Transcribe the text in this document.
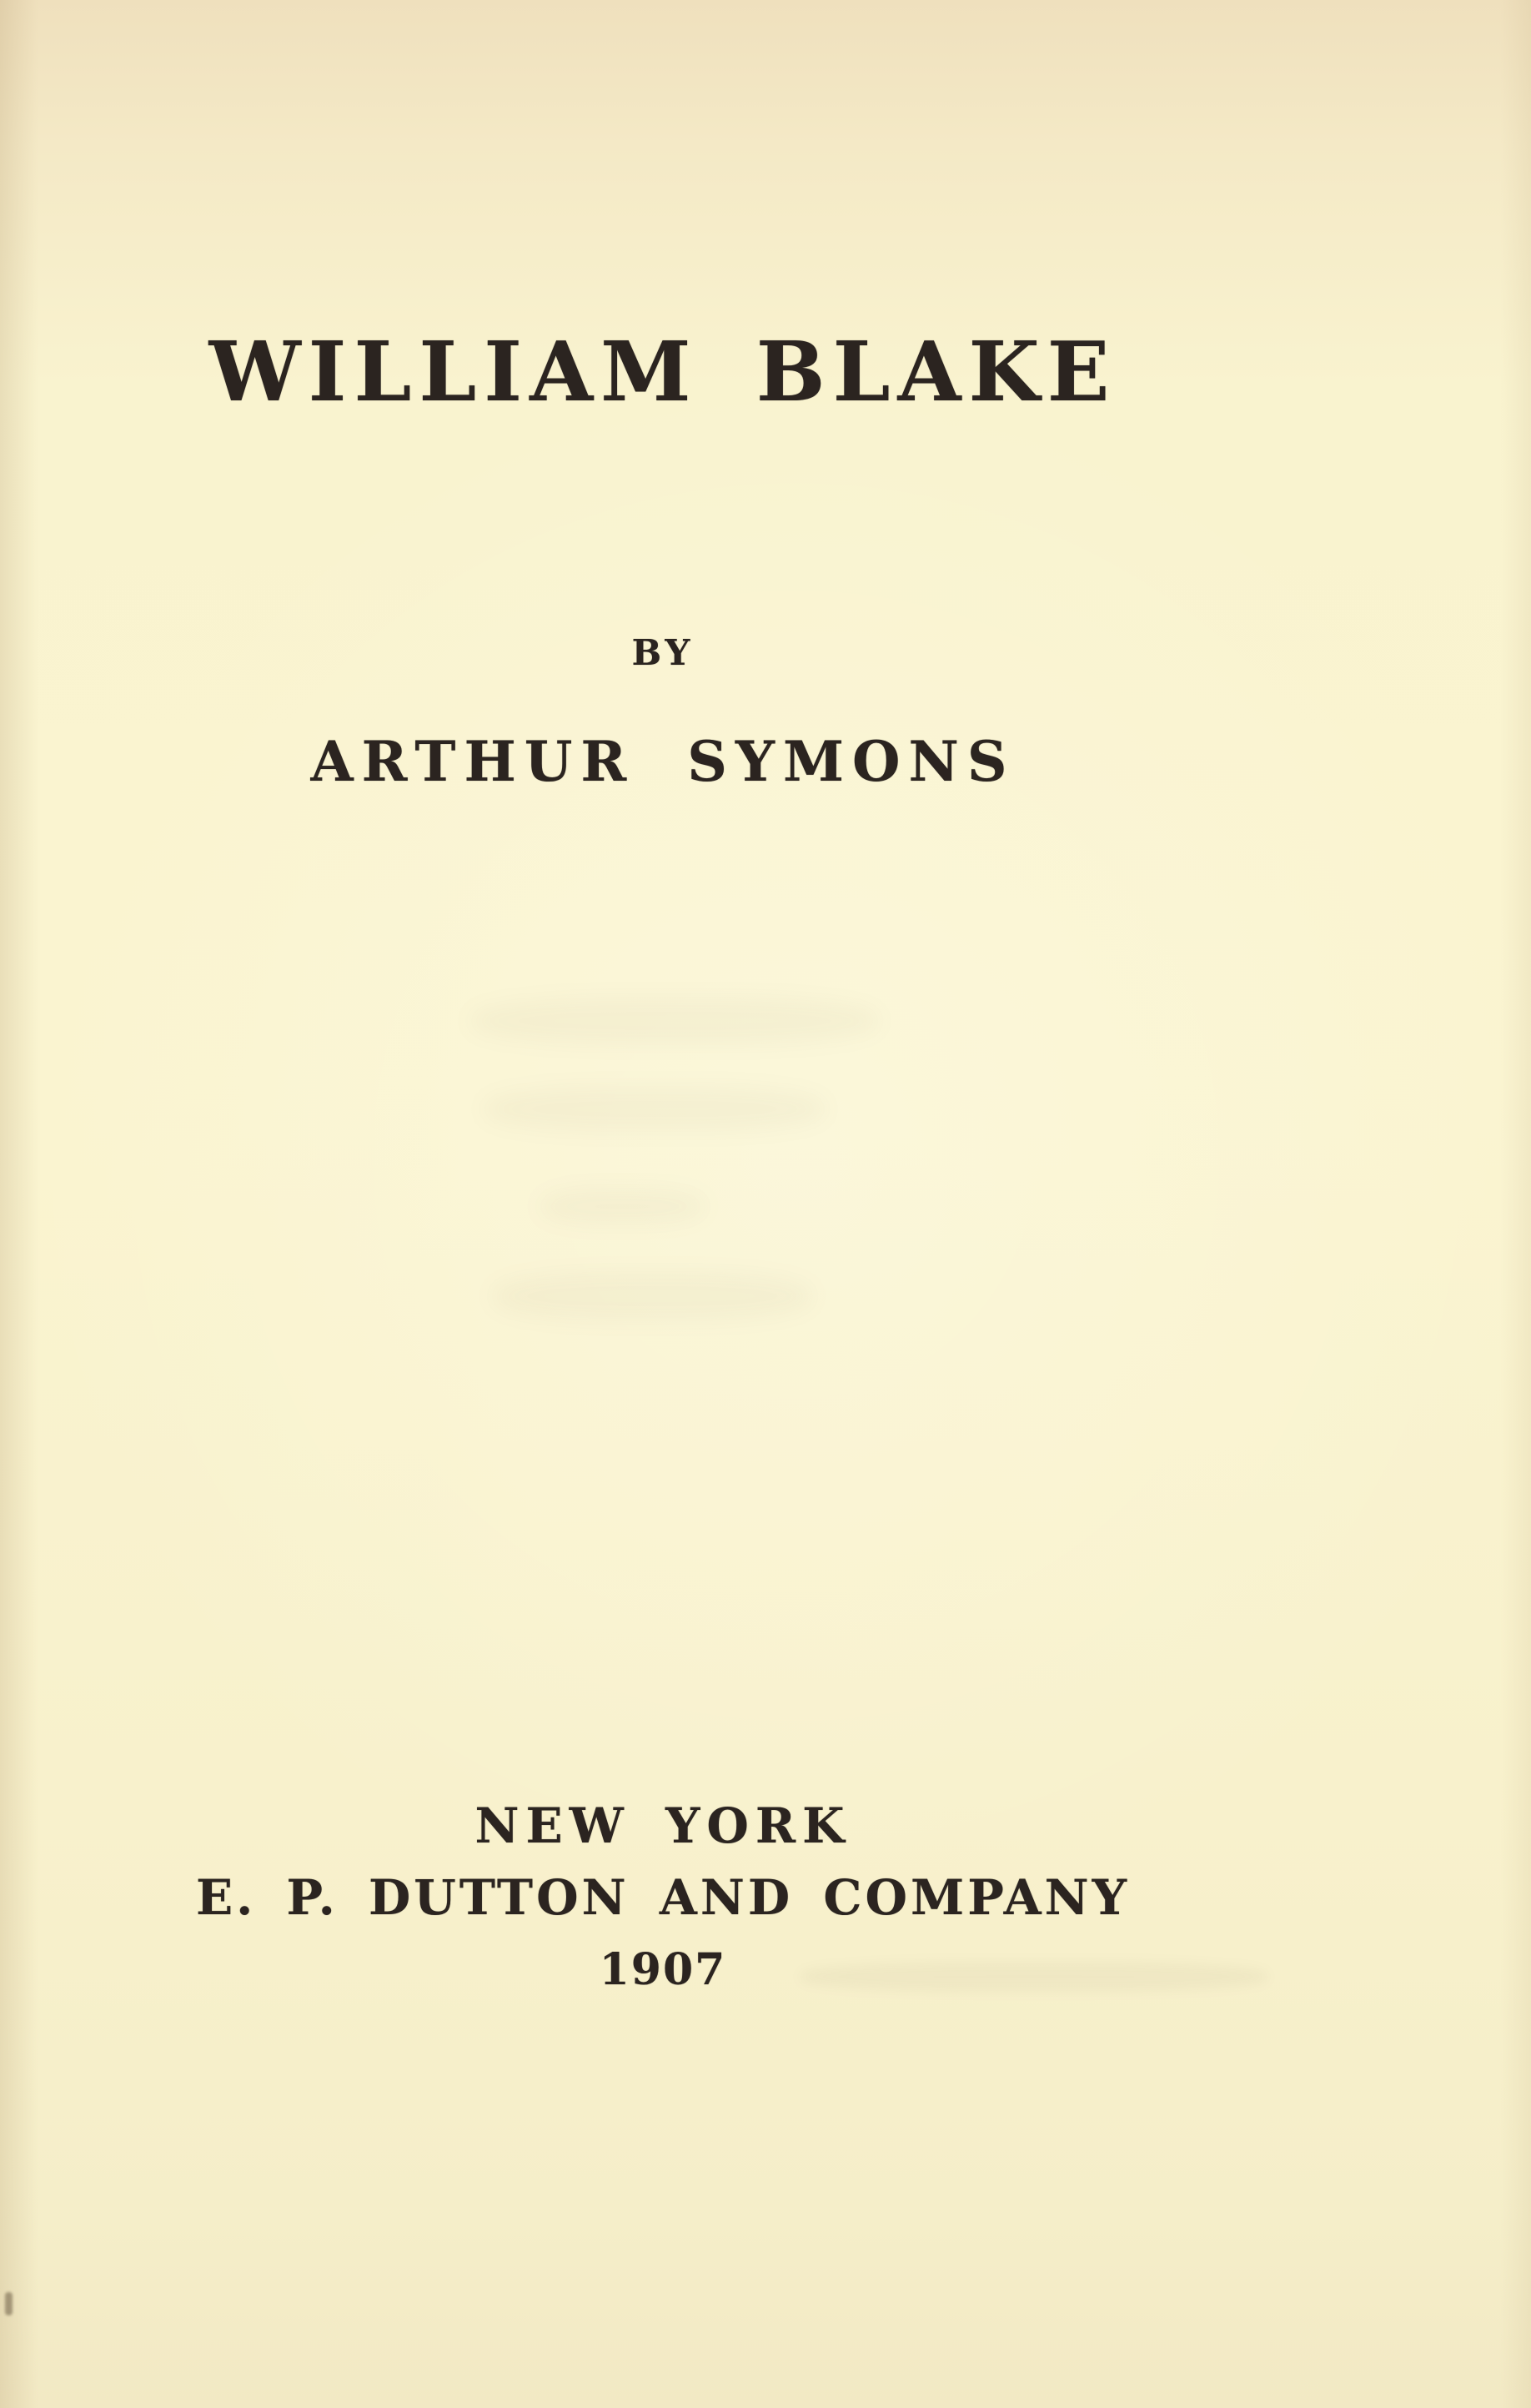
WILLIAM BLAKE
BY
ARTHUR SYMONS
NEW YORK
E. P. DUTTON AND COMPANY
1907
